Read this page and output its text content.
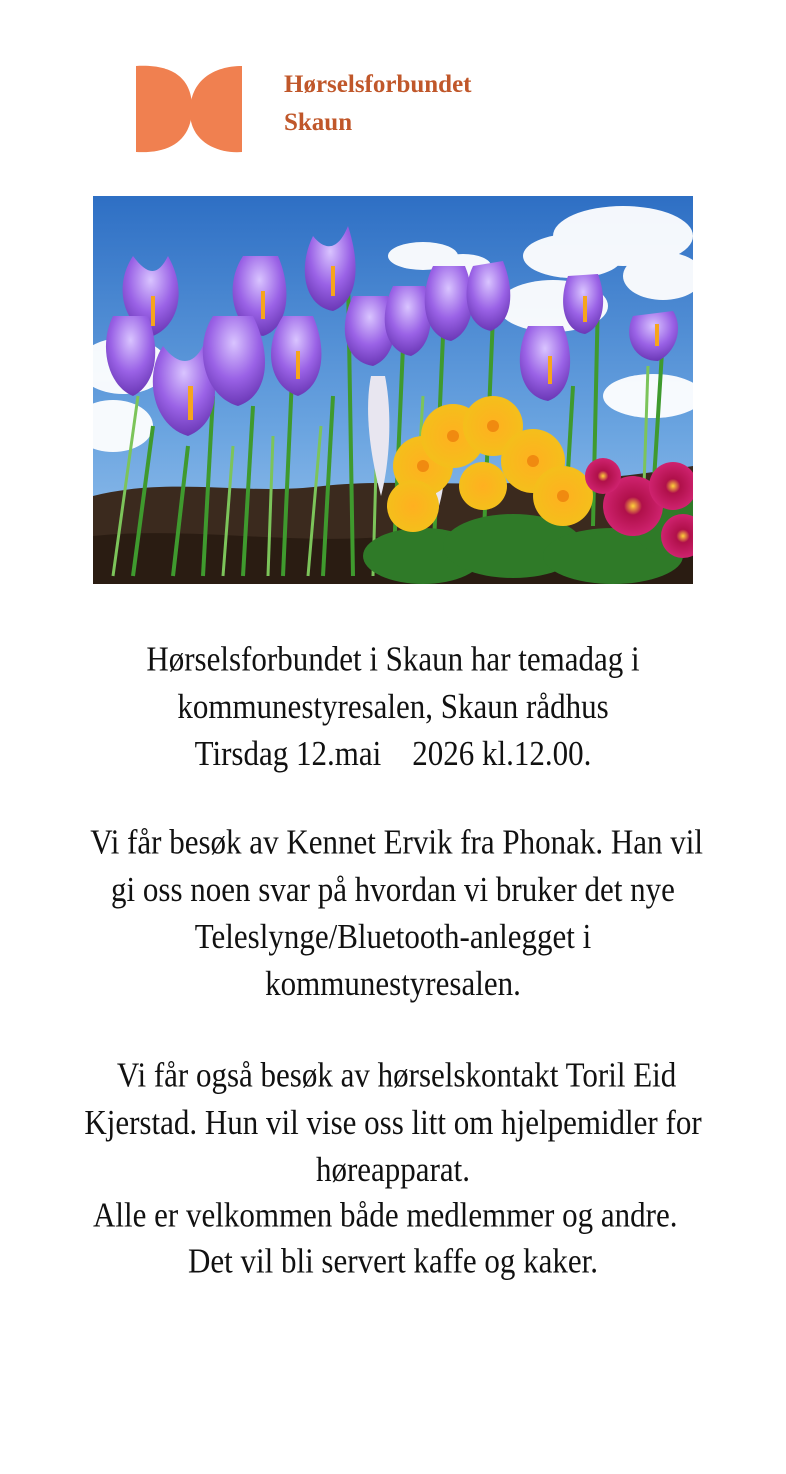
Hørselsforbundet
Skaun
Hørselsforbundet i Skaun har temadag i
kommunestyresalen, Skaun rådhus
Tirsdag 12.mai    2026 kl.12.00.
Vi får besøk av Kennet Ervik fra Phonak. Han vil
gi oss noen svar på hvordan vi bruker det nye
Teleslynge/Bluetooth-anlegget i
kommunestyresalen.
Vi får også besøk av hørselskontakt Toril Eid
Kjerstad. Hun vil vise oss litt om hjelpemidler for
høreapparat.
Alle er velkommen både medlemmer og andre.
Det vil bli servert kaffe og kaker.
